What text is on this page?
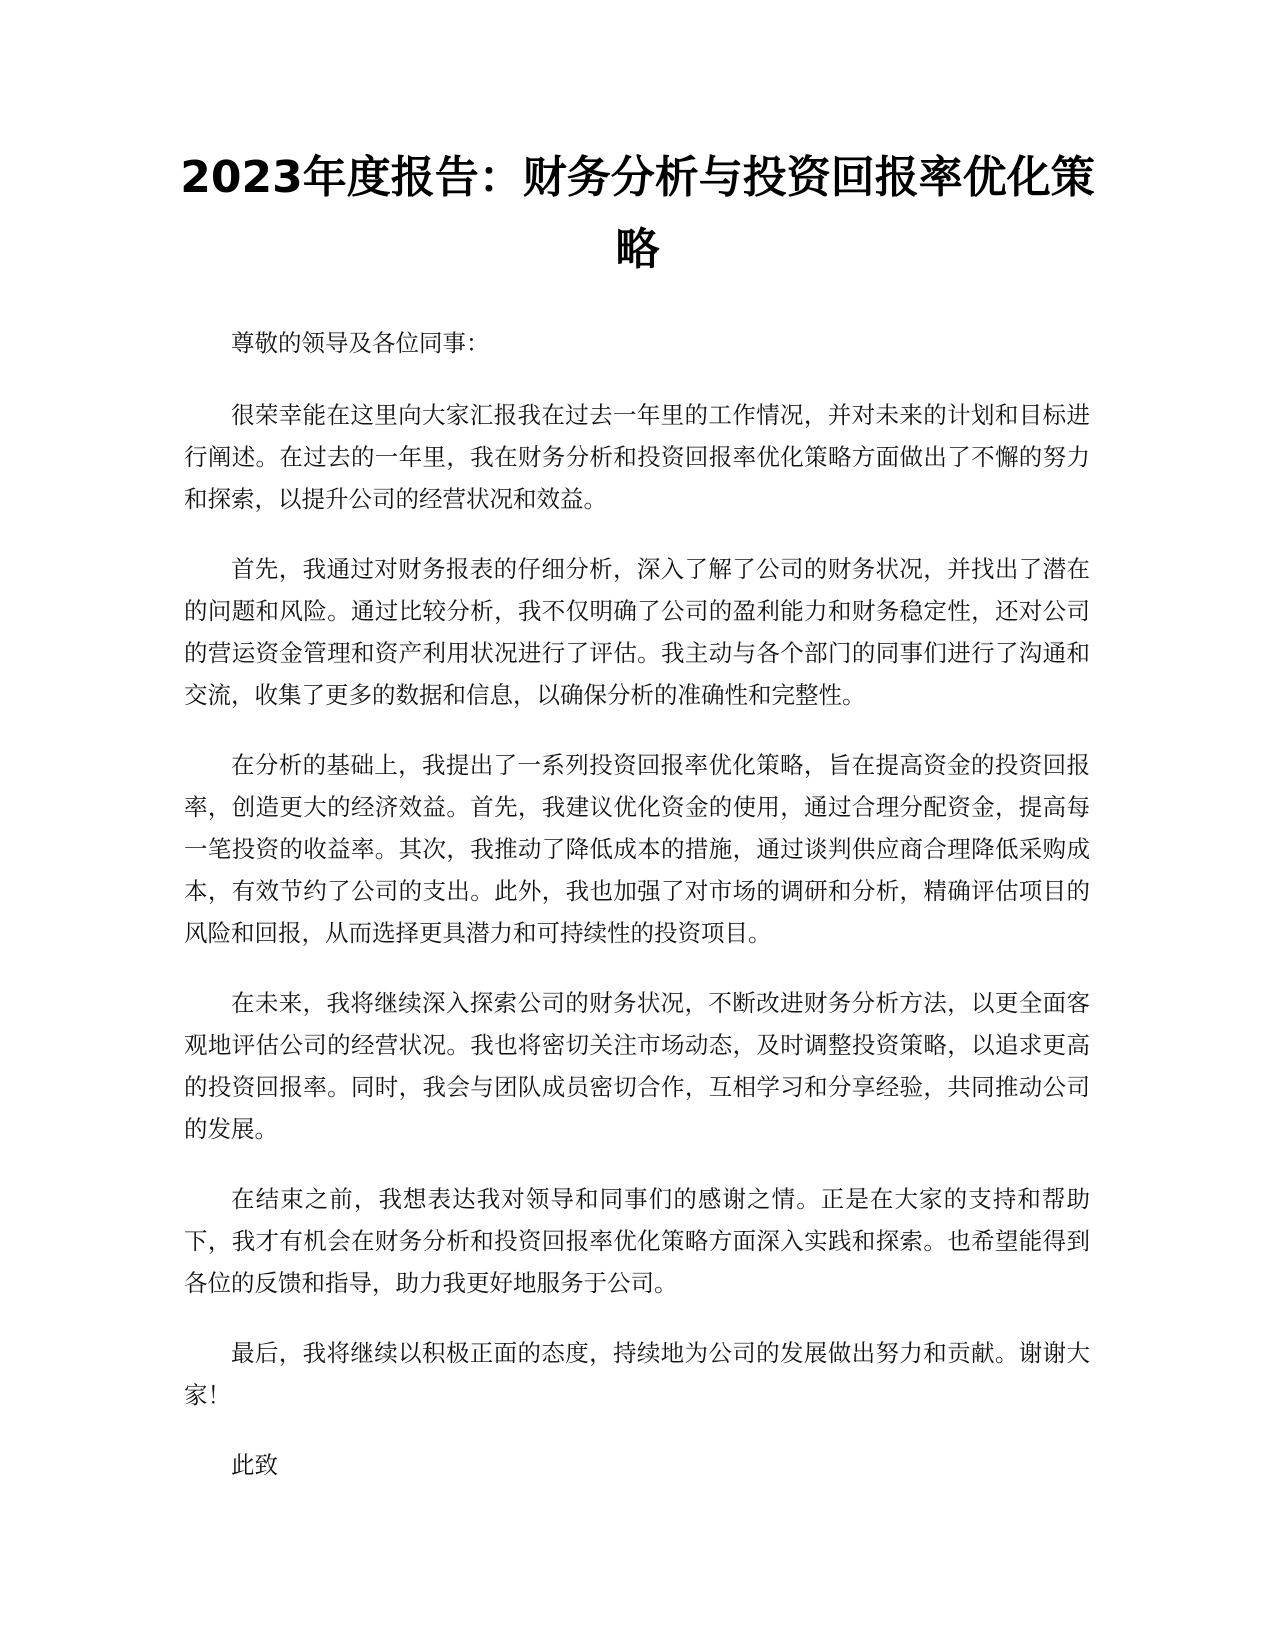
2023年度报告：财务分析与投资回报率优化策略

尊敬的领导及各位同事：

很荣幸能在这里向大家汇报我在过去一年里的工作情况，并对未来的计划和目标进行阐述。在过去的一年里，我在财务分析和投资回报率优化策略方面做出了不懈的努力和探索，以提升公司的经营状况和效益。

首先，我通过对财务报表的仔细分析，深入了解了公司的财务状况，并找出了潜在的问题和风险。通过比较分析，我不仅明确了公司的盈利能力和财务稳定性，还对公司的营运资金管理和资产利用状况进行了评估。我主动与各个部门的同事们进行了沟通和交流，收集了更多的数据和信息，以确保分析的准确性和完整性。

在分析的基础上，我提出了一系列投资回报率优化策略，旨在提高资金的投资回报率，创造更大的经济效益。首先，我建议优化资金的使用，通过合理分配资金，提高每一笔投资的收益率。其次，我推动了降低成本的措施，通过谈判供应商合理降低采购成本，有效节约了公司的支出。此外，我也加强了对市场的调研和分析，精确评估项目的风险和回报，从而选择更具潜力和可持续性的投资项目。

在未来，我将继续深入探索公司的财务状况，不断改进财务分析方法，以更全面客观地评估公司的经营状况。我也将密切关注市场动态，及时调整投资策略，以追求更高的投资回报率。同时，我会与团队成员密切合作，互相学习和分享经验，共同推动公司的发展。

在结束之前，我想表达我对领导和同事们的感谢之情。正是在大家的支持和帮助下，我才有机会在财务分析和投资回报率优化策略方面深入实践和探索。也希望能得到各位的反馈和指导，助力我更好地服务于公司。

最后，我将继续以积极正面的态度，持续地为公司的发展做出努力和贡献。谢谢大家！

此致
